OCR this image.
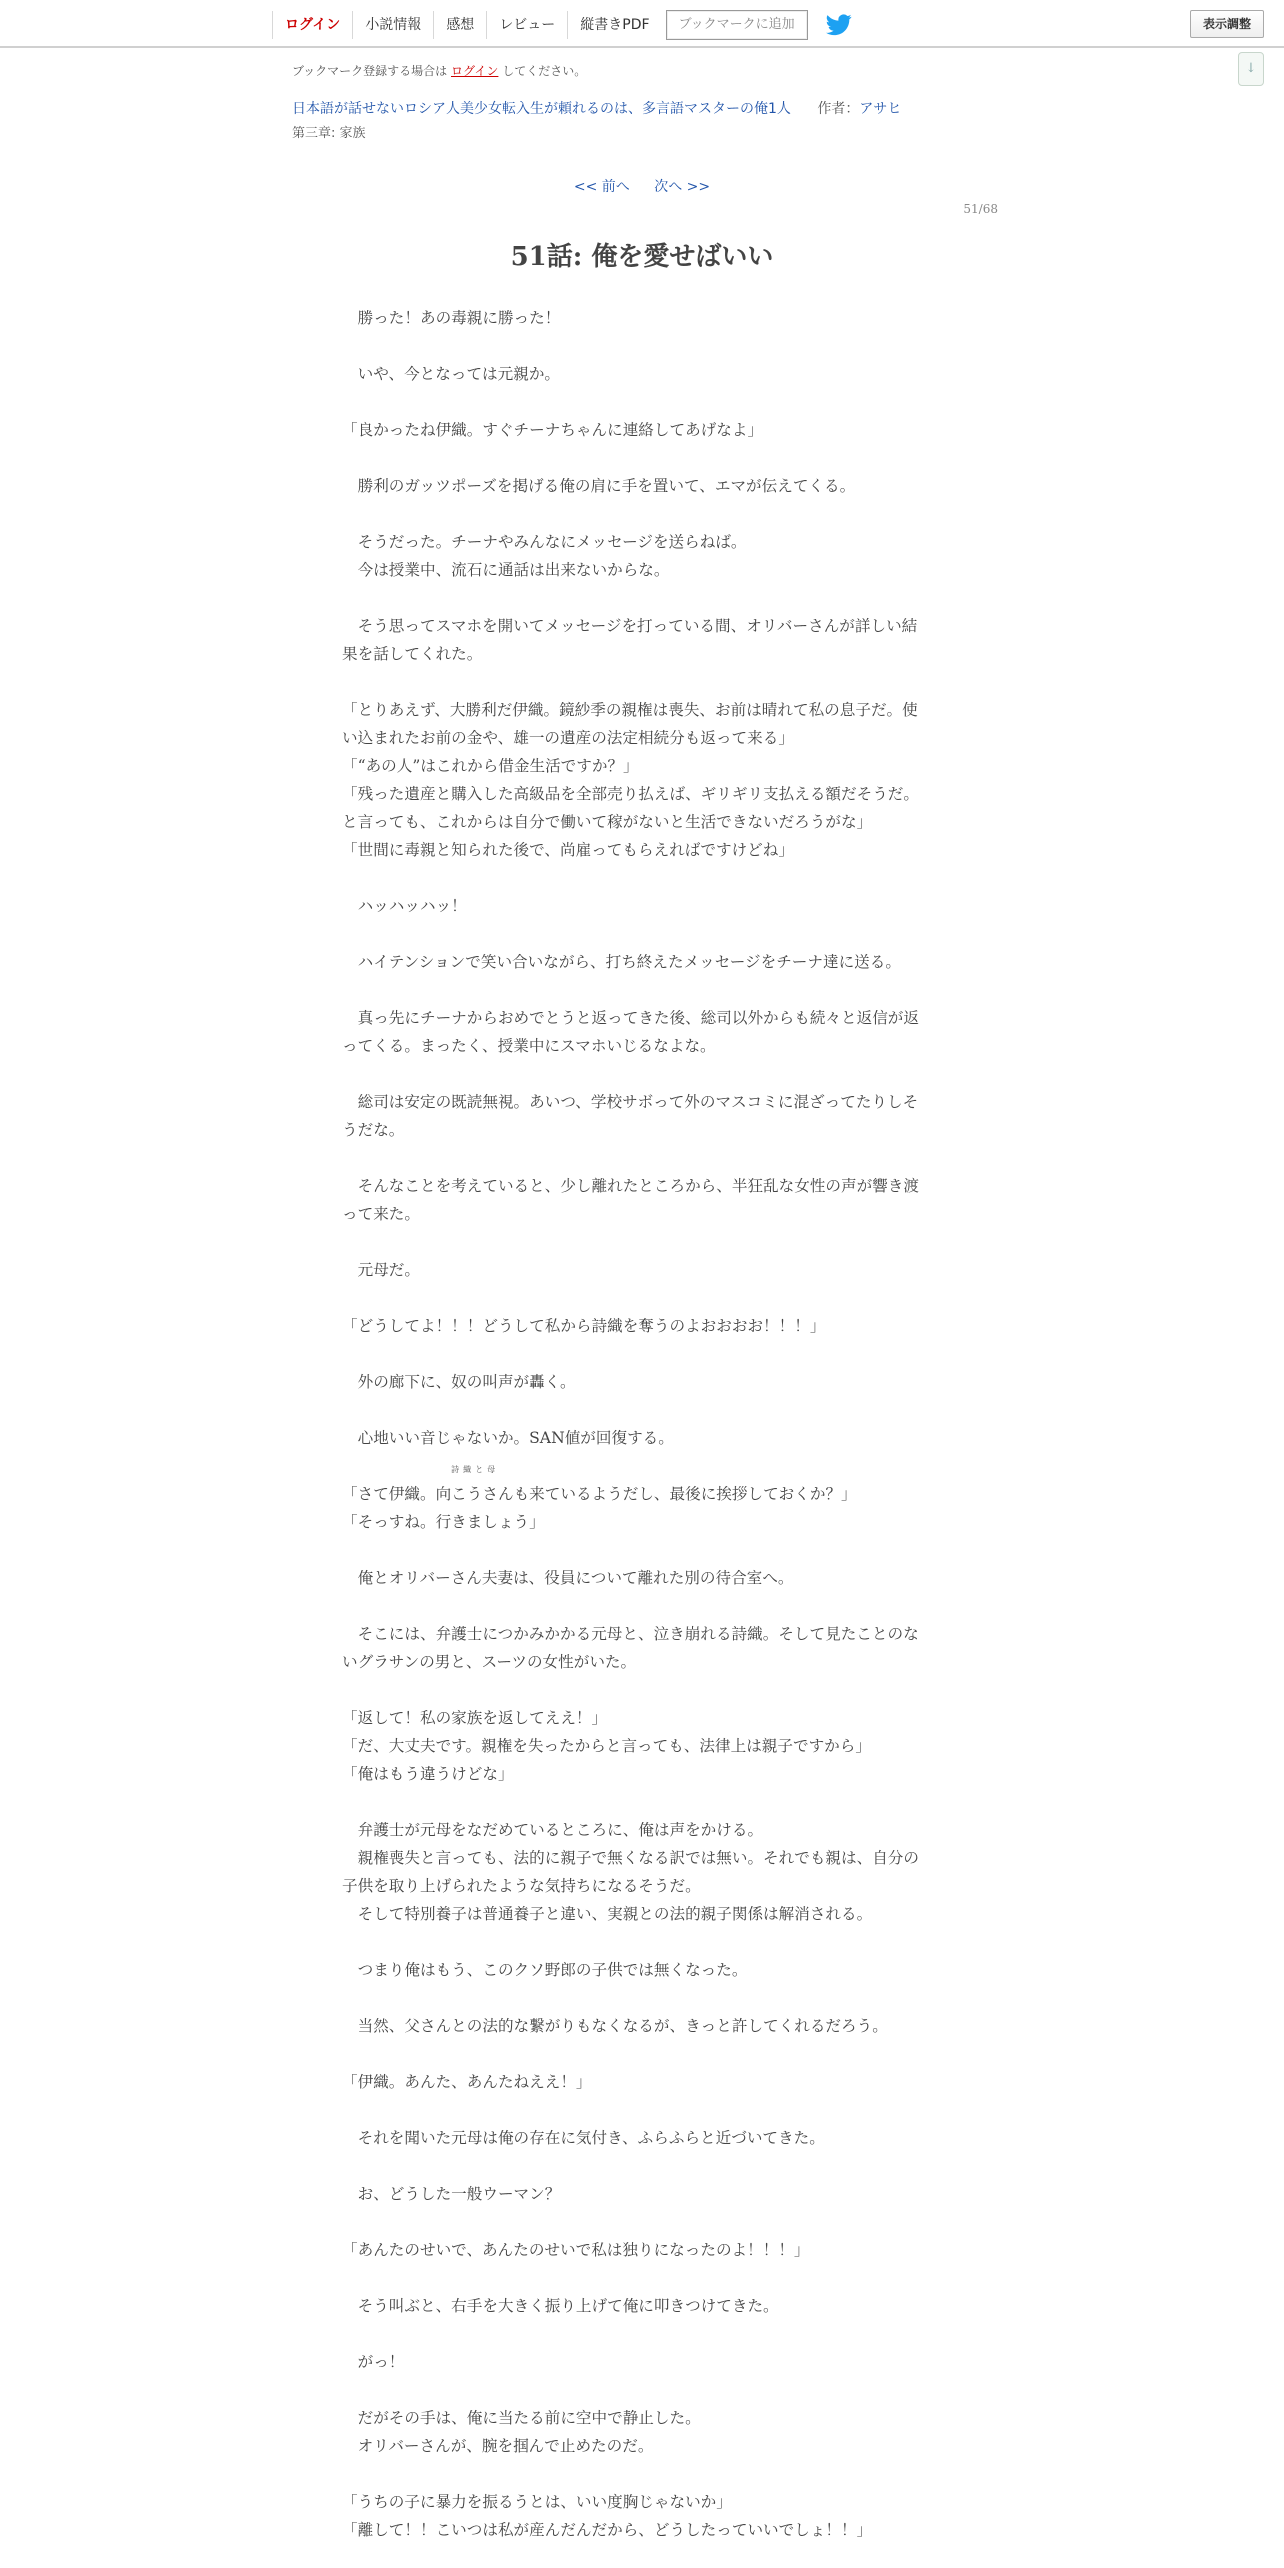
ログイン	小説情報	感想	レビュー	縦書きPDF	ブックマークに追加	表示調整
↓
ブックマーク登録する場合は ログイン してください。
日本語が話せないロシア人美少女転入生が頼れるのは、多言語マスターの俺1人 作者：アサヒ
第三章: 家族
<< 前へ 次へ >>
51/68
51話: 俺を愛せばいい
　勝った！あの毒親に勝った！
　いや、今となっては元親か。
「良かったね伊織。すぐチーナちゃんに連絡してあげなよ」
　勝利のガッツポーズを掲げる俺の肩に手を置いて、エマが伝えてくる。
　そうだった。チーナやみんなにメッセージを送らねば。
　今は授業中、流石に通話は出来ないからな。
　そう思ってスマホを開いてメッセージを打っている間、オリバーさんが詳しい結
果を話してくれた。
「とりあえず、大勝利だ伊織。鏡紗季の親権は喪失、お前は晴れて私の息子だ。使
い込まれたお前の金や、雄一の遺産の法定相続分も返って来る」
「“あの人”はこれから借金生活ですか？」
「残った遺産と購入した高級品を全部売り払えば、ギリギリ支払える額だそうだ。
と言っても、これからは自分で働いて稼がないと生活できないだろうがな」
「世間に毒親と知られた後で、尚雇ってもらえればですけどね」
　ハッハッハッ！
　ハイテンションで笑い合いながら、打ち終えたメッセージをチーナ達に送る。
　真っ先にチーナからおめでとうと返ってきた後、総司以外からも続々と返信が返
ってくる。まったく、授業中にスマホいじるなよな。
　総司は安定の既読無視。あいつ、学校サボって外のマスコミに混ざってたりしそ
うだな。
　そんなことを考えていると、少し離れたところから、半狂乱な女性の声が響き渡
って来た。
　元母だ。
「どうしてよ！！！どうして私から詩織を奪うのよおおおお！！！」
　外の廊下に、奴の叫声が轟く。
　心地いい音じゃないか。SAN値が回復する。
「さて伊織。向
詩織と母
こうさんも来ているようだし、最後に挨拶しておくか？」
「そっすね。行きましょう」
　俺とオリバーさん夫妻は、役員について離れた別の待合室へ。
　そこには、弁護士につかみかかる元母と、泣き崩れる詩織。そして見たことのな
いグラサンの男と、スーツの女性がいた。
「返して！私の家族を返してええ！」
「だ、大丈夫です。親権を失ったからと言っても、法律上は親子ですから」
「俺はもう違うけどな」
　弁護士が元母をなだめているところに、俺は声をかける。
　親権喪失と言っても、法的に親子で無くなる訳では無い。それでも親は、自分の
子供を取り上げられたような気持ちになるそうだ。
　そして特別養子は普通養子と違い、実親との法的親子関係は解消される。
　つまり俺はもう、このクソ野郎の子供では無くなった。
　当然、父さんとの法的な繋がりもなくなるが、きっと許してくれるだろう。
「伊織。あんた、あんたねええ！」
　それを聞いた元母は俺の存在に気付き、ふらふらと近づいてきた。
　お、どうした一般ウーマン？
「あんたのせいで、あんたのせいで私は独りになったのよ！！！」
　そう叫ぶと、右手を大きく振り上げて俺に叩きつけてきた。
　がっ！
　だがその手は、俺に当たる前に空中で静止した。
　オリバーさんが、腕を掴んで止めたのだ。
「うちの子に暴力を振るうとは、いい度胸じゃないか」
「離して！！こいつは私が産んだんだから、どうしたっていいでしょ！！」
